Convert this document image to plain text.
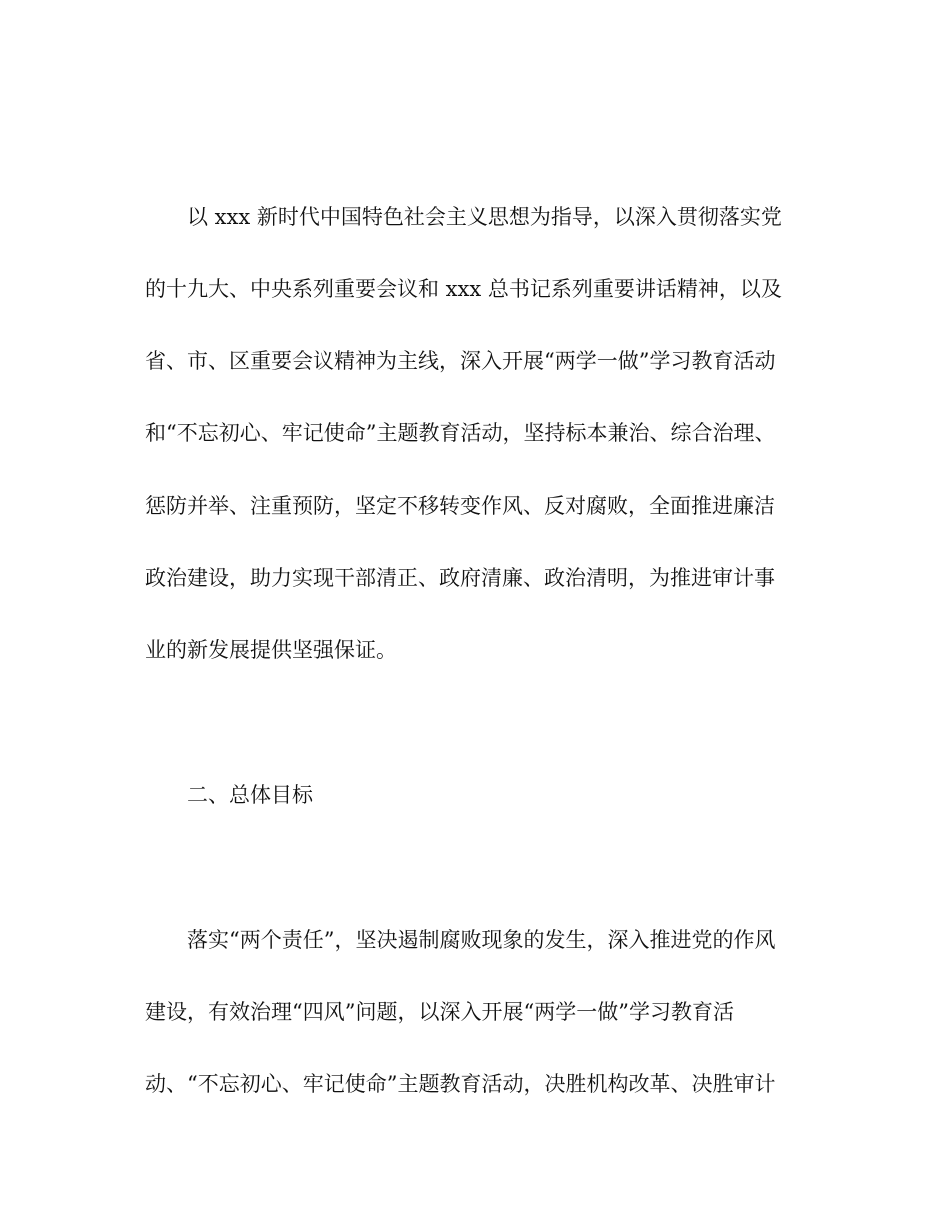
以 xxx 新时代中国特色社会主义思想为指导，以深入贯彻落实党
的十九大、中央系列重要会议和 xxx 总书记系列重要讲话精神，以及
省、市、区重要会议精神为主线，深入开展“两学一做”学习教育活动
和“不忘初心、牢记使命”主题教育活动，坚持标本兼治、综合治理、
惩防并举、注重预防，坚定不移转变作风、反对腐败，全面推进廉洁
政治建设，助力实现干部清正、政府清廉、政治清明，为推进审计事
业的新发展提供坚强保证。
二、总体目标
落实“两个责任”，坚决遏制腐败现象的发生，深入推进党的作风
建设，有效治理“四风”问题，以深入开展“两学一做”学习教育活
动、“不忘初心、牢记使命”主题教育活动，决胜机构改革、决胜审计
